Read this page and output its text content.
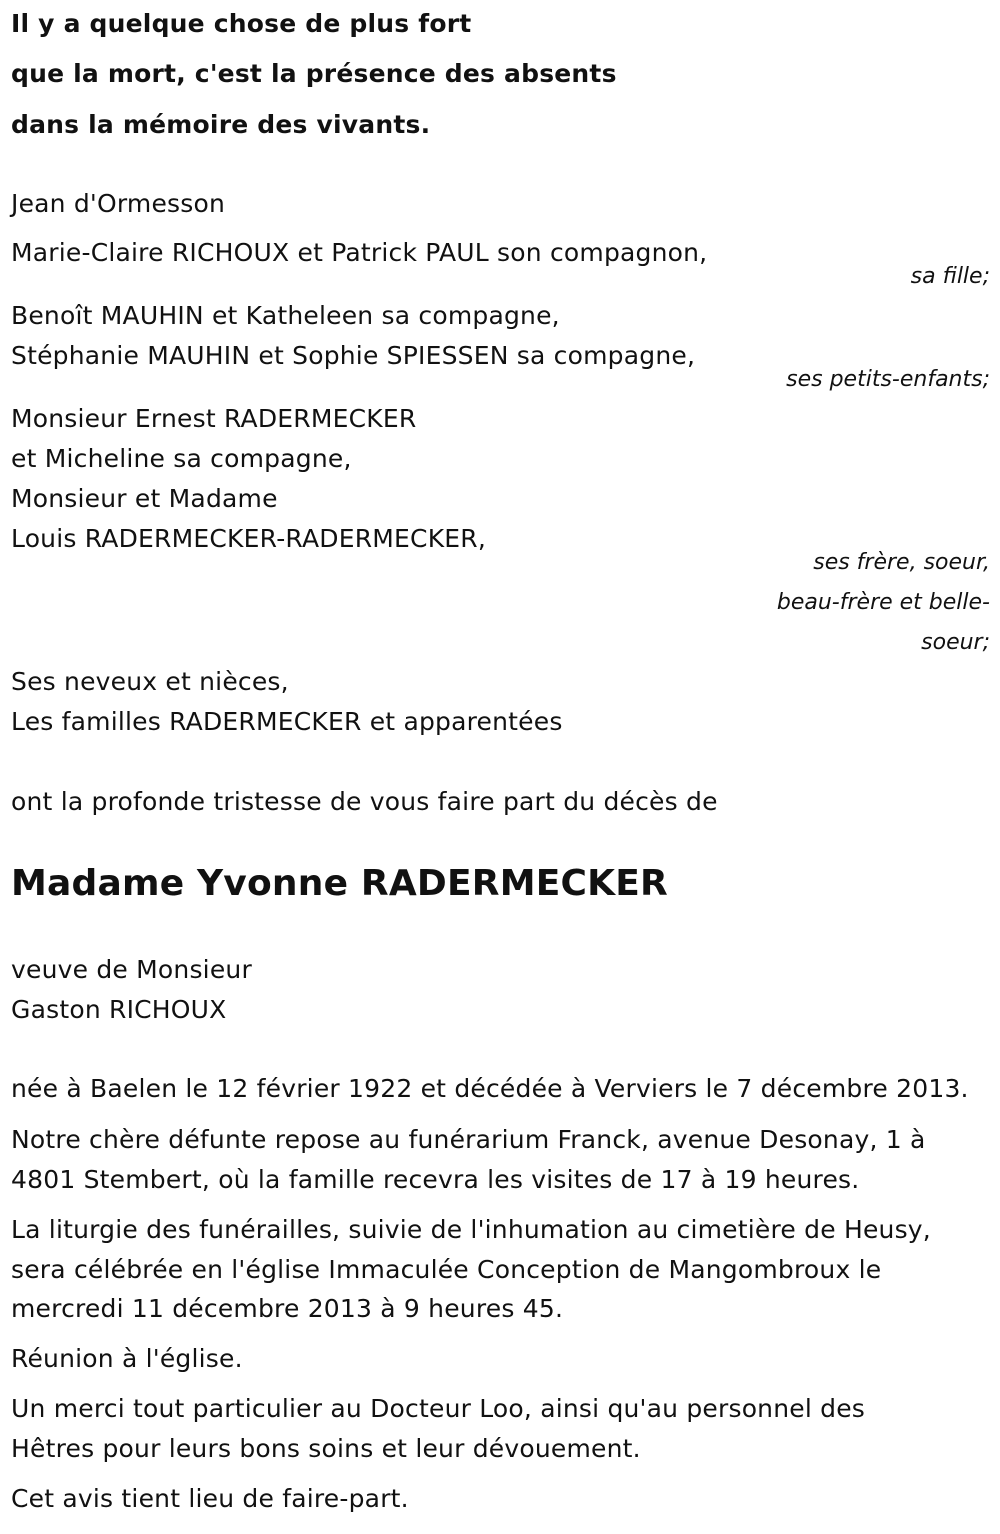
Il y a quelque chose de plus fort
que la mort, c'est la présence des absents
dans la mémoire des vivants.
Jean d'Ormesson
Marie-Claire RICHOUX et Patrick PAUL son compagnon,
sa fille;
Benoît MAUHIN et Katheleen sa compagne,
Stéphanie MAUHIN et Sophie SPIESSEN sa compagne,
ses petits-enfants;
Monsieur Ernest RADERMECKER
et Micheline sa compagne,
Monsieur et Madame
Louis RADERMECKER-RADERMECKER,
ses frère, soeur,
beau-frère et belle-
soeur;
Ses neveux et nièces,
Les familles RADERMECKER et apparentées
ont la profonde tristesse de vous faire part du décès de
Madame Yvonne RADERMECKER
veuve de Monsieur
Gaston RICHOUX
née à Baelen le 12 février 1922 et décédée à Verviers le 7 décembre 2013.
Notre chère défunte repose au funérarium Franck, avenue Desonay, 1 à
4801 Stembert, où la famille recevra les visites de 17 à 19 heures.
La liturgie des funérailles, suivie de l'inhumation au cimetière de Heusy,
sera célébrée en l'église Immaculée Conception de Mangombroux le
mercredi 11 décembre 2013 à 9 heures 45.
Réunion à l'église.
Un merci tout particulier au Docteur Loo, ainsi qu'au personnel des
Hêtres pour leurs bons soins et leur dévouement.
Cet avis tient lieu de faire-part.
